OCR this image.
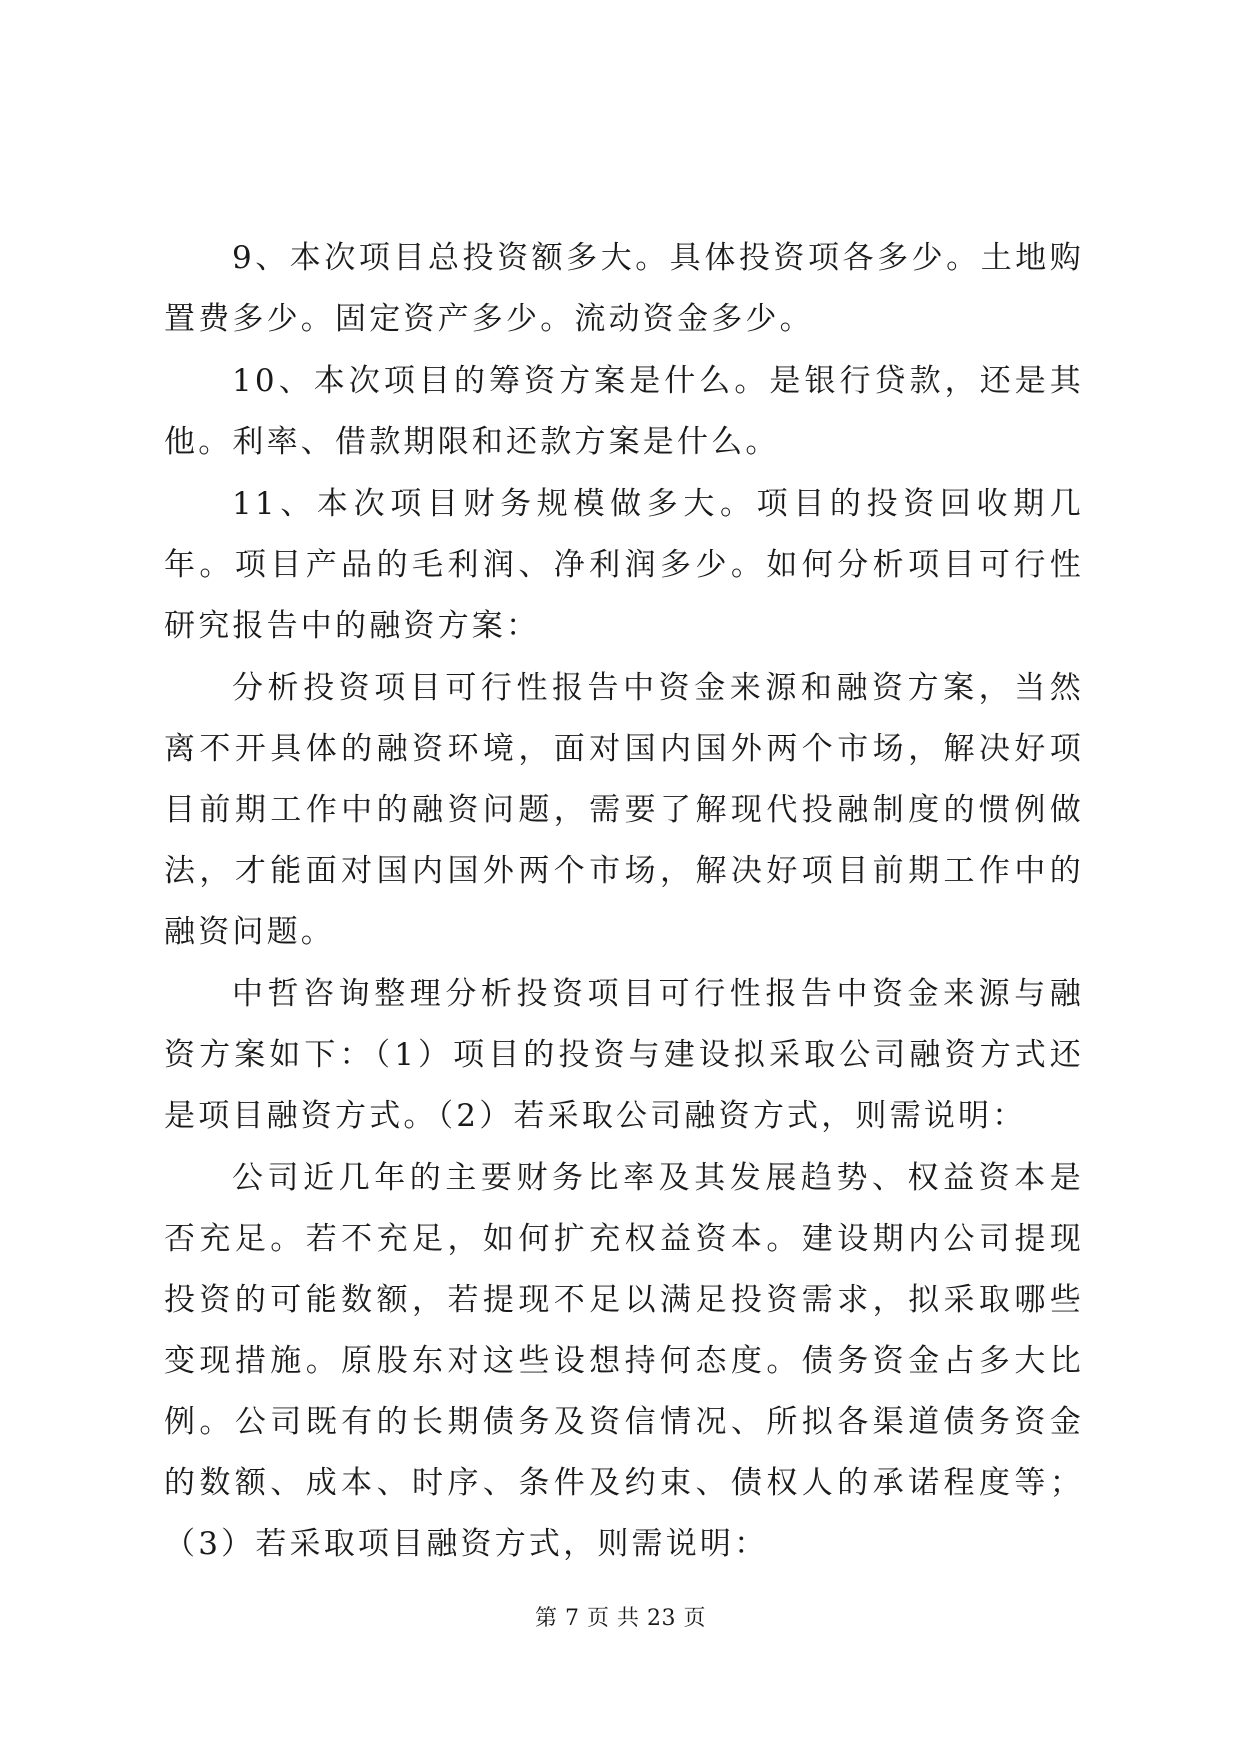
9、本次项目总投资额多大。具体投资项各多少。土地购置费多少。固定资产多少。流动资金多少。

10、本次项目的筹资方案是什么。是银行贷款，还是其他。利率、借款期限和还款方案是什么。

11、本次项目财务规模做多大。项目的投资回收期几年。项目产品的毛利润、净利润多少。如何分析项目可行性研究报告中的融资方案：

分析投资项目可行性报告中资金来源和融资方案，当然离不开具体的融资环境，面对国内国外两个市场，解决好项目前期工作中的融资问题，需要了解现代投融制度的惯例做法，才能面对国内国外两个市场，解决好项目前期工作中的融资问题。

中哲咨询整理分析投资项目可行性报告中资金来源与融资方案如下：（1）项目的投资与建设拟采取公司融资方式还是项目融资方式。（2）若采取公司融资方式，则需说明：

公司近几年的主要财务比率及其发展趋势、权益资本是否充足。若不充足，如何扩充权益资本。建设期内公司提现投资的可能数额，若提现不足以满足投资需求，拟采取哪些变现措施。原股东对这些设想持何态度。债务资金占多大比例。公司既有的长期债务及资信情况、所拟各渠道债务资金的数额、成本、时序、条件及约束、债权人的承诺程度等；（3）若采取项目融资方式，则需说明：

第 7 页 共 23 页
